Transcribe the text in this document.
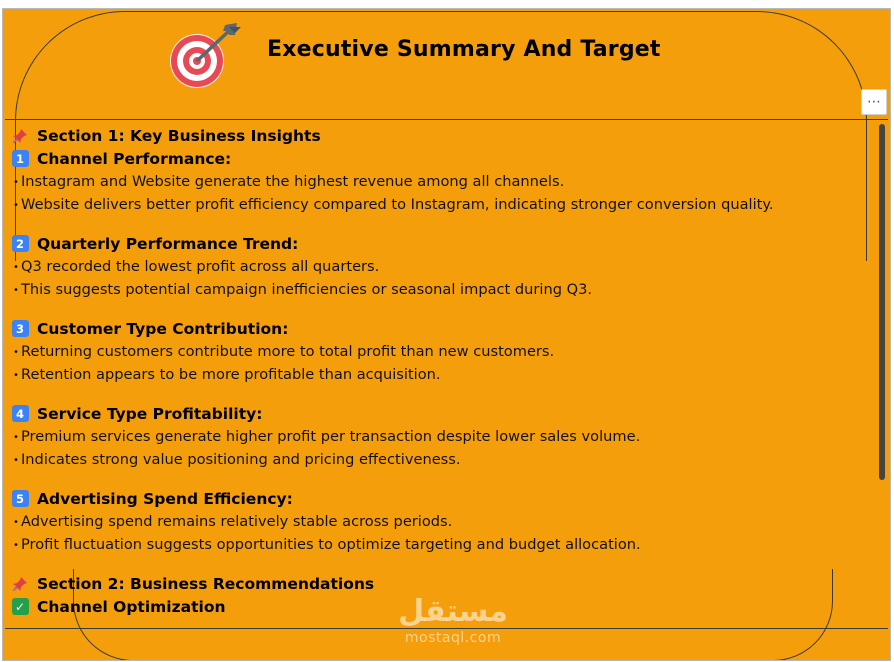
Executive Summary And Target
⋯
Section 1: Key Business Insights
1 Channel Performance:
• Instagram and Website generate the highest revenue among all channels.
• Website delivers better profit efficiency compared to Instagram, indicating stronger conversion quality.
2 Quarterly Performance Trend:
• Q3 recorded the lowest profit across all quarters.
• This suggests potential campaign inefficiencies or seasonal impact during Q3.
3 Customer Type Contribution:
• Returning customers contribute more to total profit than new customers.
• Retention appears to be more profitable than acquisition.
4 Service Type Profitability:
• Premium services generate higher profit per transaction despite lower sales volume.
• Indicates strong value positioning and pricing effectiveness.
5 Advertising Spend Efficiency:
• Advertising spend remains relatively stable across periods.
• Profit fluctuation suggests opportunities to optimize targeting and budget allocation.
Section 2: Business Recommendations
✓ Channel Optimization	مستقل
mostaql.com
